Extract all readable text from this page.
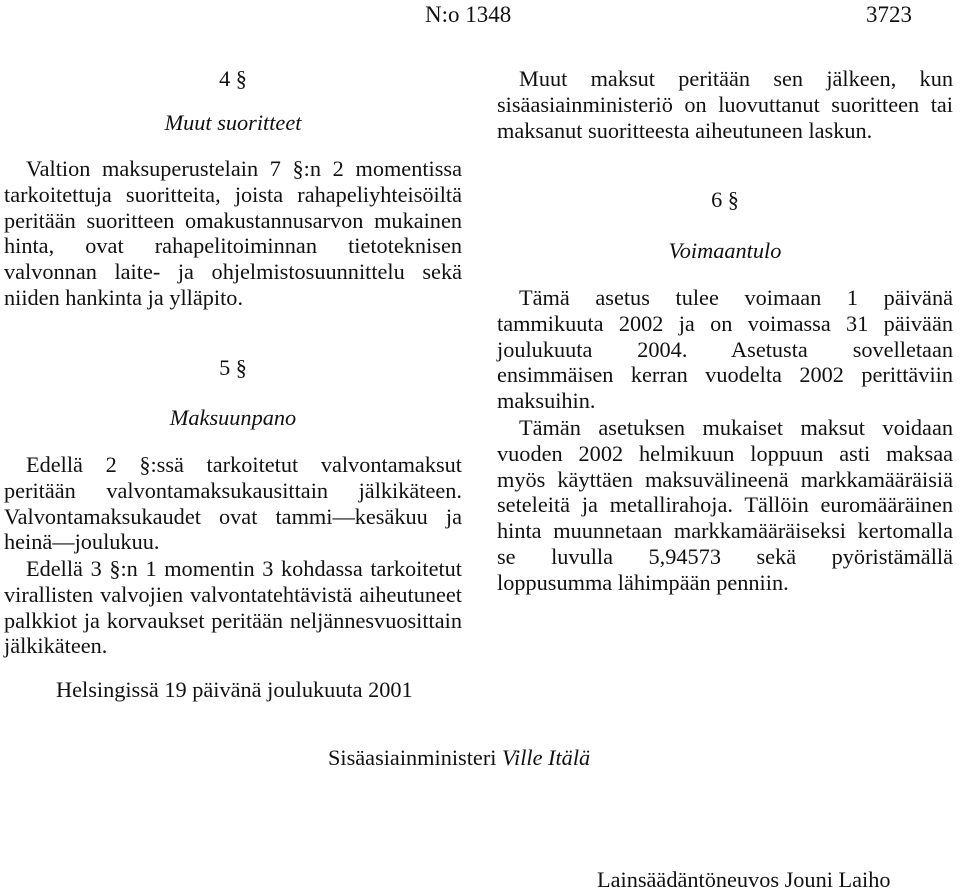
N:o 1348	3723
4 §
Muut suoritteet

Valtion maksuperustelain 7 §:n 2 momentissa tarkoitettuja suoritteita, joista rahapeliyhteisöiltä peritään suoritteen omakustannusarvon mukainen hinta, ovat rahapelitoiminnan tietoteknisen valvonnan laite- ja ohjelmistosuunnittelu sekä niiden hankinta ja ylläpito.

5 §
Maksuunpano

Edellä 2 §:ssä tarkoitetut valvontamaksut peritään valvontamaksukausittain jälkikäteen. Valvontamaksukaudet ovat tammi—kesäkuu ja heinä—joulukuu.

Edellä 3 §:n 1 momentin 3 kohdassa tarkoitetut virallisten valvojien valvontatehtävistä aiheutuneet palkkiot ja korvaukset peritään neljännesvuosittain jälkikäteen.

Muut maksut peritään sen jälkeen, kun sisäasiainministeriö on luovuttanut suoritteen tai maksanut suoritteesta aiheutuneen laskun.

6 §
Voimaantulo

Tämä asetus tulee voimaan 1 päivänä tammikuuta 2002 ja on voimassa 31 päivään joulukuuta 2004. Asetusta sovelletaan ensimmäisen kerran vuodelta 2002 perittäviin maksuihin.

Tämän asetuksen mukaiset maksut voidaan vuoden 2002 helmikuun loppuun asti maksaa myös käyttäen maksuvälineenä markkamääräisiä seteleitä ja metallirahoja. Tällöin euromääräinen hinta muunnetaan markkamääräiseksi kertomalla se luvulla 5,94573 sekä pyöristämällä loppusumma lähimpään penniin.

Helsingissä 19 päivänä joulukuuta 2001
Sisäasiainministeri Ville Itälä
Lainsäädäntöneuvos Jouni Laiho
